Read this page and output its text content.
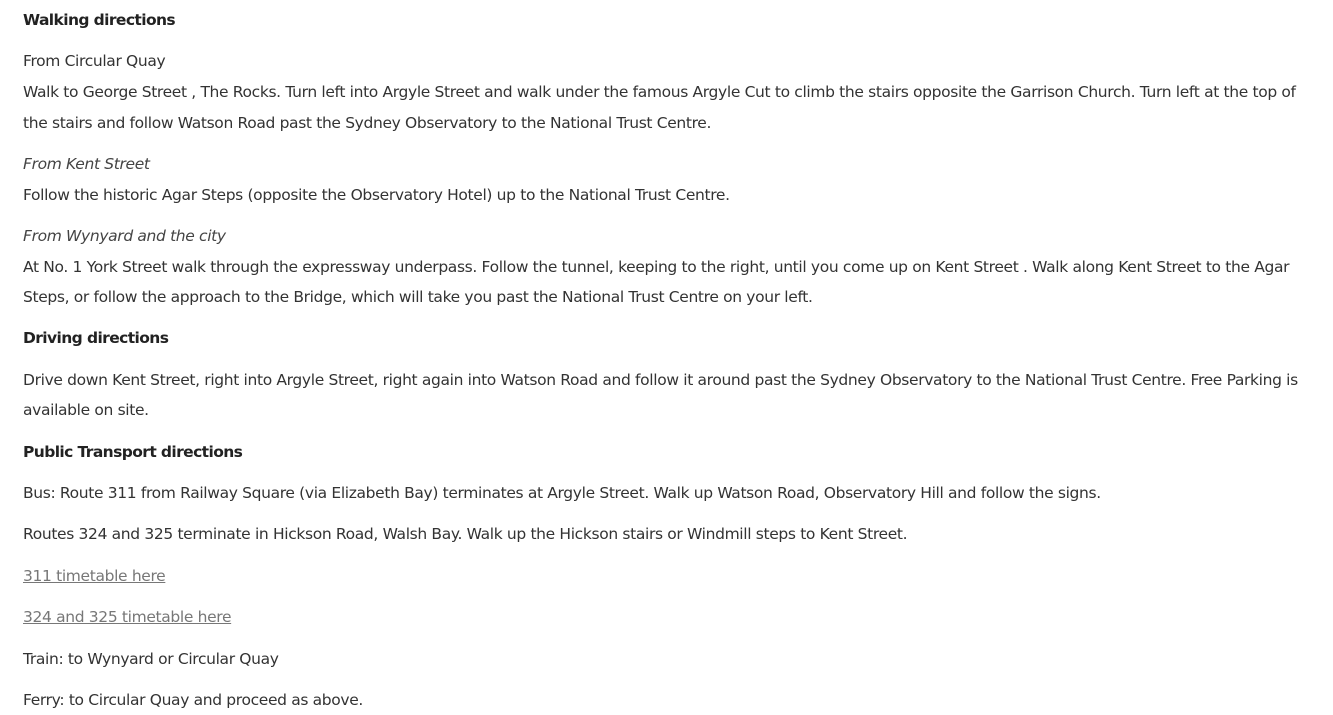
Walking directions
From Circular Quay
Walk to George Street , The Rocks. Turn left into Argyle Street and walk under the famous Argyle Cut to climb the stairs opposite the Garrison Church. Turn left at the top of
the stairs and follow Watson Road past the Sydney Observatory to the National Trust Centre.
From Kent Street
Follow the historic Agar Steps (opposite the Observatory Hotel) up to the National Trust Centre.
From Wynyard and the city
At No. 1 York Street walk through the expressway underpass. Follow the tunnel, keeping to the right, until you come up on Kent Street . Walk along Kent Street to the Agar
Steps, or follow the approach to the Bridge, which will take you past the National Trust Centre on your left.
Driving directions
Drive down Kent Street, right into Argyle Street, right again into Watson Road and follow it around past the Sydney Observatory to the National Trust Centre. Free Parking is
available on site.
Public Transport directions
Bus: Route 311 from Railway Square (via Elizabeth Bay) terminates at Argyle Street. Walk up Watson Road, Observatory Hill and follow the signs.
Routes 324 and 325 terminate in Hickson Road, Walsh Bay. Walk up the Hickson stairs or Windmill steps to Kent Street.
311 timetable here
324 and 325 timetable here
Train: to Wynyard or Circular Quay
Ferry: to Circular Quay and proceed as above.
